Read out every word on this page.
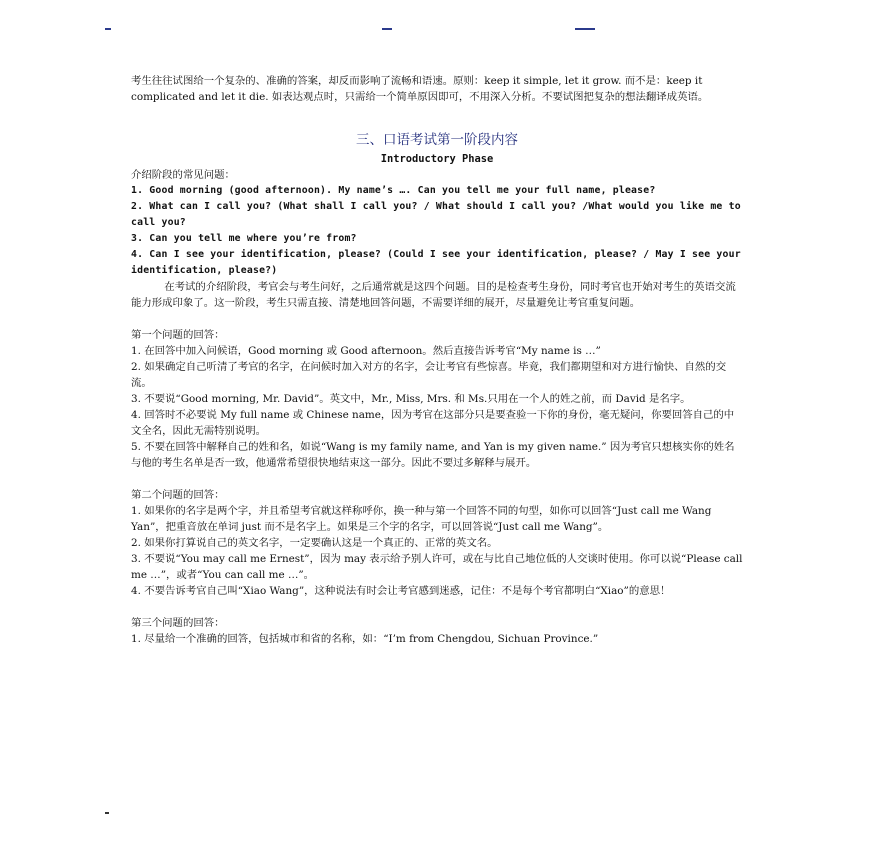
考生往往试图给一个复杂的、准确的答案，却反而影响了流畅和语速。原则：keep it simple, let it grow. 而不是：keep it complicated and let it die. 如表达观点时，只需给一个简单原因即可，不用深入分析。不要试图把复杂的想法翻译成英语。

三、口语考试第一阶段内容

Introductory Phase

介绍阶段的常见问题：

1. Good morning (good afternoon). My name’s …. Can you tell me your full name, please?

2. What can I call you? (What shall I call you? / What should I call you? /What would you like me to call you?

3. Can you tell me where you’re from?

4. Can I see your identification, please? (Could I see your identification, please? / May I see your identification, please?)

在考试的介绍阶段，考官会与考生问好，之后通常就是这四个问题。目的是检查考生身份，同时考官也开始对考生的英语交流能力形成印象了。这一阶段，考生只需直接、清楚地回答问题，不需要详细的展开，尽量避免让考官重复问题。

第一个问题的回答：

1. 在回答中加入问候语，Good morning 或 Good afternoon。然后直接告诉考官“My name is …”

2. 如果确定自己听清了考官的名字，在问候时加入对方的名字，会让考官有些惊喜。毕竟，我们都期望和对方进行愉快、自然的交流。

3. 不要说“Good morning, Mr. David”。英文中，Mr., Miss, Mrs. 和 Ms.只用在一个人的姓之前，而 David 是名字。

4. 回答时不必要说 My full name 或 Chinese name，因为考官在这部分只是要查验一下你的身份，毫无疑问，你要回答自己的中文全名，因此无需特别说明。

5. 不要在回答中解释自己的姓和名，如说“Wang is my family name, and Yan is my given name.” 因为考官只想核实你的姓名与他的考生名单是否一致，他通常希望很快地结束这一部分。因此不要过多解释与展开。

第二个问题的回答：

1. 如果你的名字是两个字，并且希望考官就这样称呼你，换一种与第一个回答不同的句型，如你可以回答“Just call me Wang Yan”，把重音放在单词 just 而不是名字上。如果是三个字的名字，可以回答说“Just call me Wang”。

2. 如果你打算说自己的英文名字，一定要确认这是一个真正的、正常的英文名。

3. 不要说“You may call me Ernest”，因为 may 表示给予别人许可，或在与比自己地位低的人交谈时使用。你可以说“Please call me …”，或者“You can call me …”。

4. 不要告诉考官自己叫“Xiao Wang”，这种说法有时会让考官感到迷惑，记住：不是每个考官都明白“Xiao”的意思！

第三个问题的回答：

1. 尽量给一个准确的回答，包括城市和省的名称，如：“I’m from Chengdou, Sichuan Province.”
